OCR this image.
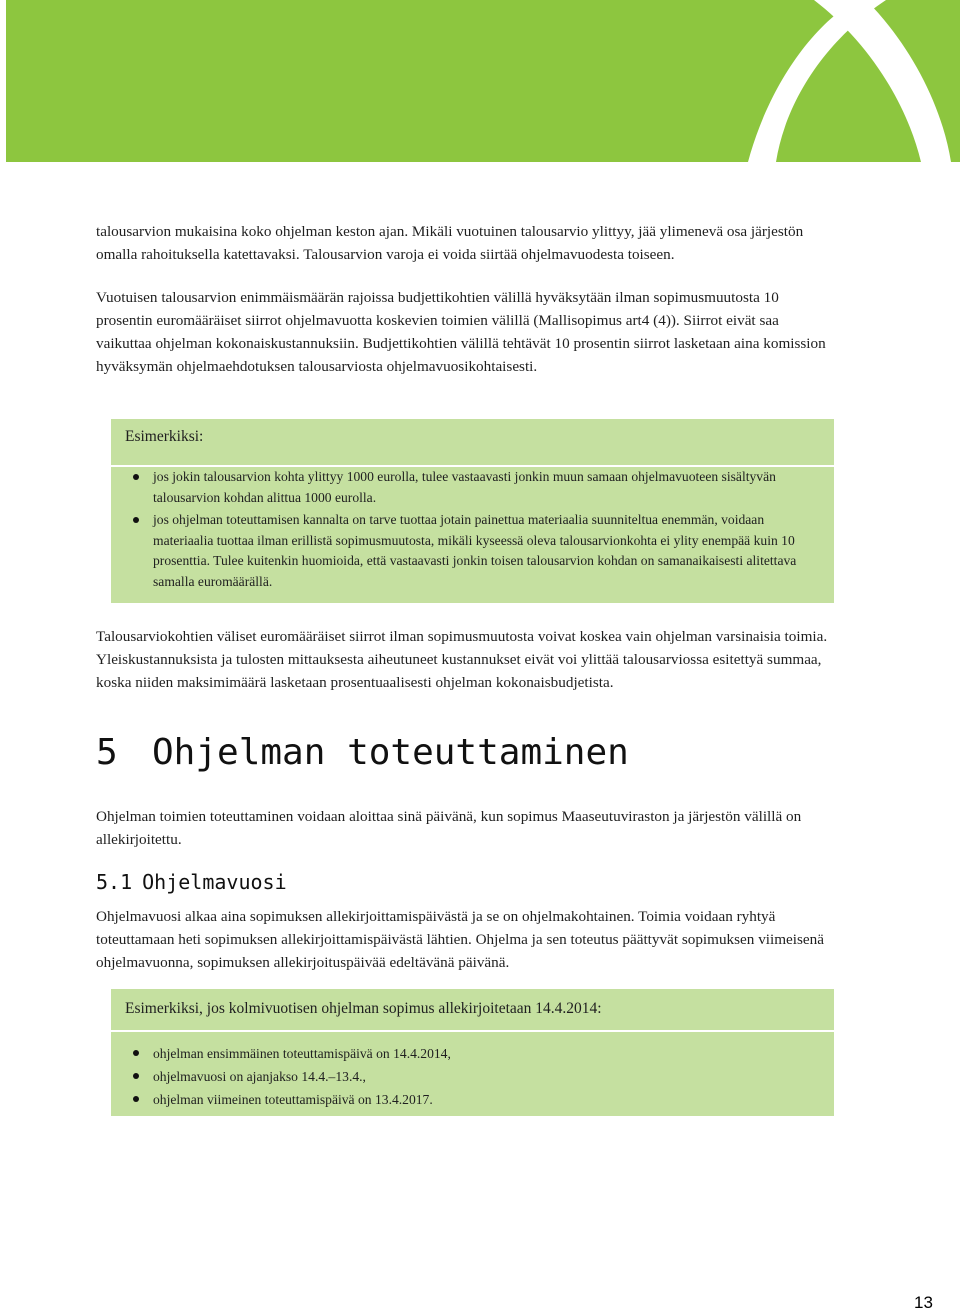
talousarvion mukaisina koko ohjelman keston ajan. Mikäli vuotuinen talousarvio ylittyy, jää ylimenevä osa järjestön omalla rahoituksella katettavaksi. Talousarvion varoja ei voida siirtää ohjelmavuodesta toiseen.

Vuotuisen talousarvion enimmäismäärän rajoissa budjettikohtien välillä hyväksytään ilman sopimusmuutosta 10 prosentin euromääräiset siirrot ohjelmavuotta koskevien toimien välillä (Mallisopimus art4 (4)). Siirrot eivät saa vaikuttaa ohjelman kokonaiskustannuksiin. Budjettikohtien välillä tehtävät 10 prosentin siirrot lasketaan aina komission hyväksymän ohjelmaehdotuksen talousarviosta ohjelmavuosikohtaisesti.

Esimerkiksi:
jos jokin talousarvion kohta ylittyy 1000 eurolla, tulee vastaavasti jonkin muun samaan ohjelmavuoteen sisältyvän talousarvion kohdan alittua 1000 eurolla.
jos ohjelman toteuttamisen kannalta on tarve tuottaa jotain painettua materiaalia suunniteltua enemmän, voidaan materiaalia tuottaa ilman erillistä sopimusmuutosta, mikäli kyseessä oleva talousarvionkohta ei ylity enempää kuin 10 prosenttia. Tulee kuitenkin huomioida, että vastaavasti jonkin toisen talousarvion kohdan on samanaikaisesti alitettava samalla euromäärällä.

Talousarviokohtien väliset euromääräiset siirrot ilman sopimusmuutosta voivat koskea vain ohjelman varsinaisia toimia. Yleiskustannuksista ja tulosten mittauksesta aiheutuneet kustannukset eivät voi ylittää talousarviossa esitettyä summaa, koska niiden maksimimäärä lasketaan prosentuaalisesti ohjelman kokonaisbudjetista.

5 Ohjelman toteuttaminen

Ohjelman toimien toteuttaminen voidaan aloittaa sinä päivänä, kun sopimus Maaseutuviraston ja järjestön välillä on allekirjoitettu.

5.1 Ohjelmavuosi

Ohjelmavuosi alkaa aina sopimuksen allekirjoittamispäivästä ja se on ohjelmakohtainen. Toimia voidaan ryhtyä toteuttamaan heti sopimuksen allekirjoittamispäivästä lähtien. Ohjelma ja sen toteutus päättyvät sopimuksen viimeisenä ohjelmavuonna, sopimuksen allekirjoituspäivää edeltävänä päivänä.

Esimerkiksi, jos kolmivuotisen ohjelman sopimus allekirjoitetaan 14.4.2014:
ohjelman ensimmäinen toteuttamispäivä on 14.4.2014,
ohjelmavuosi on ajanjakso 14.4.–13.4.,
ohjelman viimeinen toteuttamispäivä on 13.4.2017.
13
